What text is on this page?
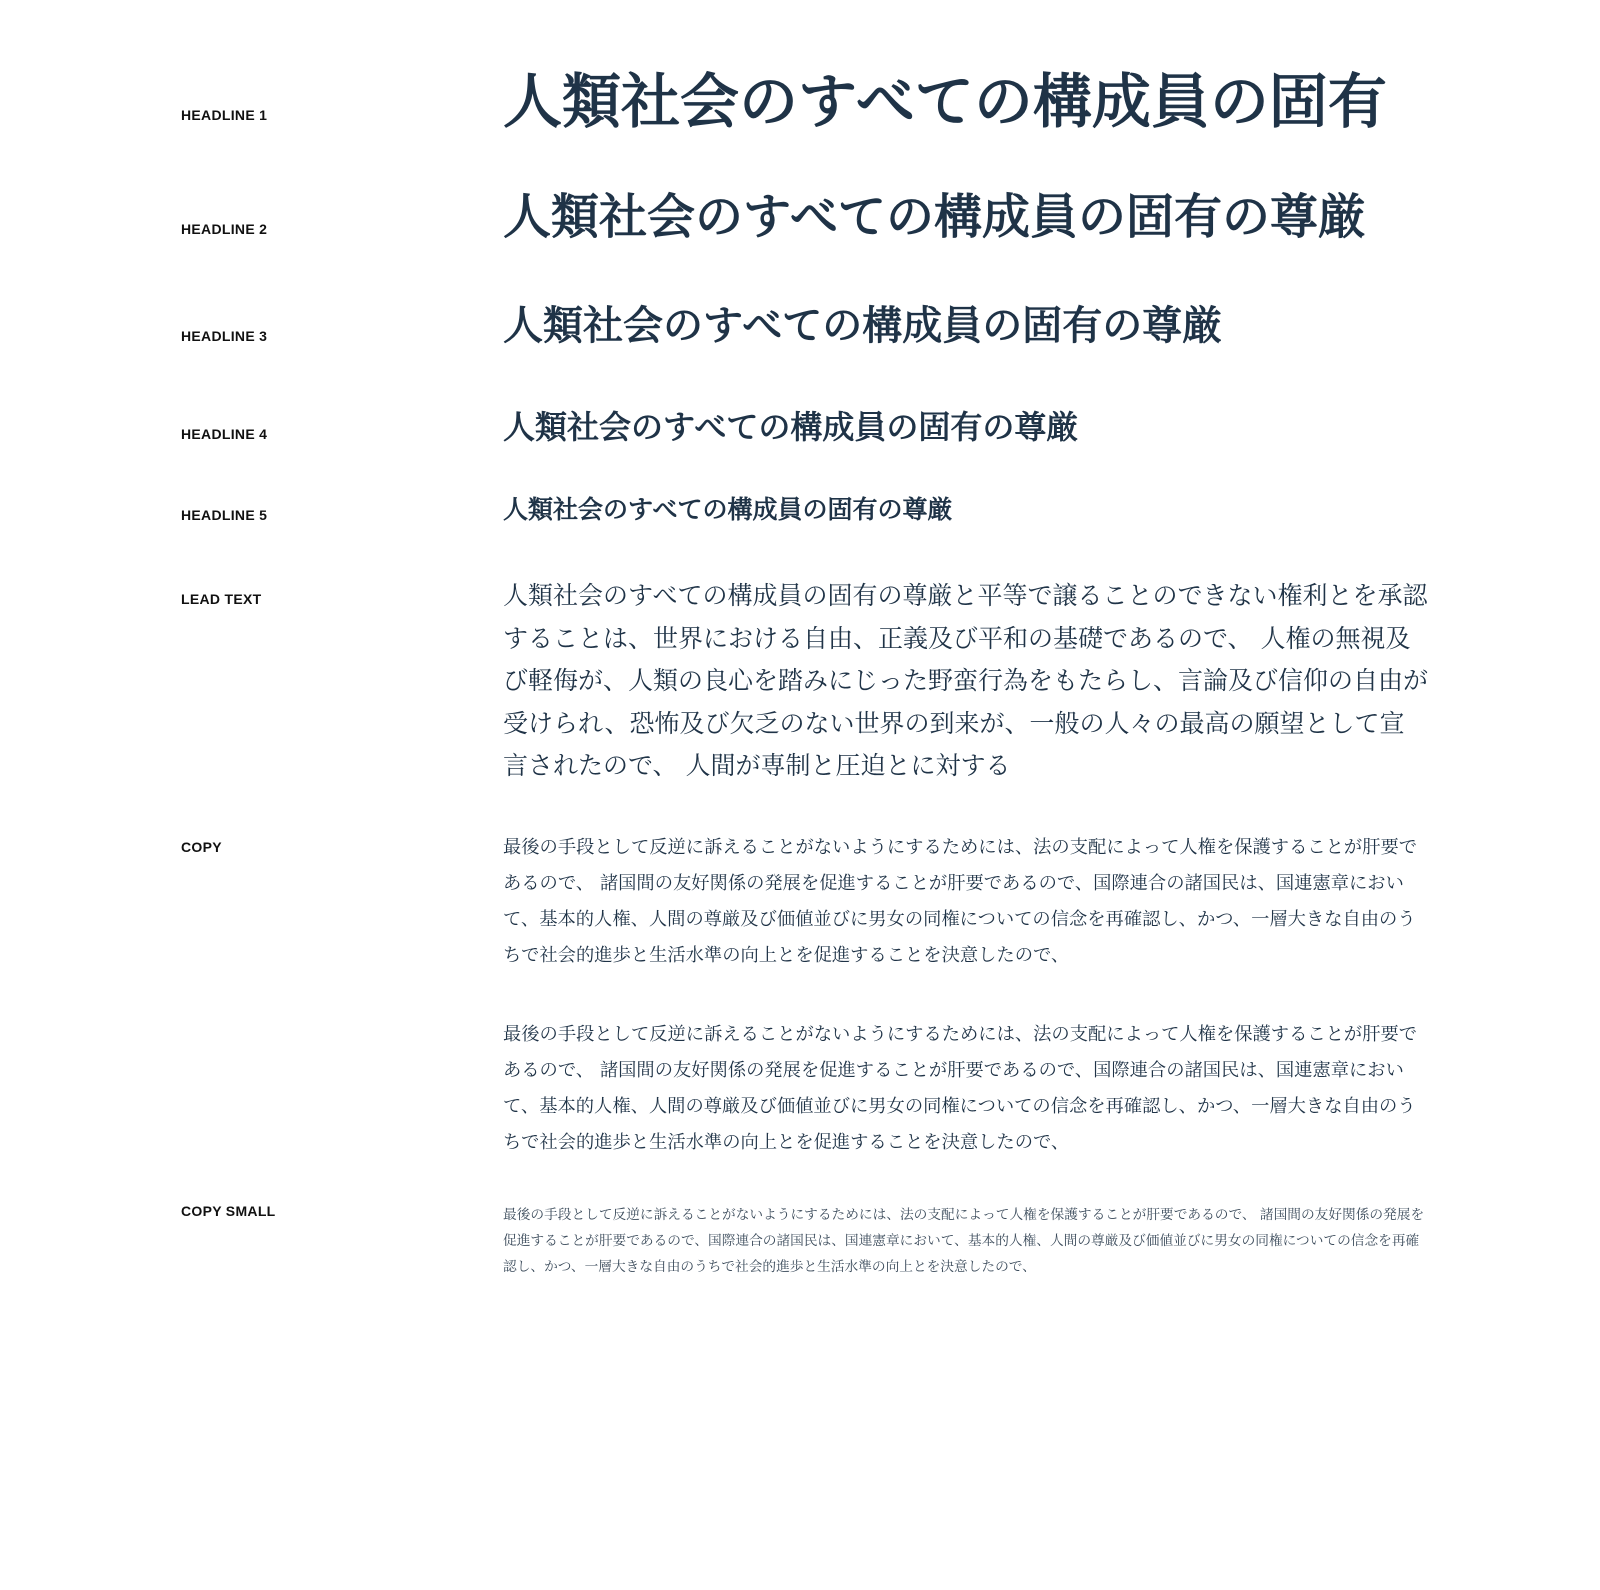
HEADLINE 1	人類社会のすべての構成員の固有
HEADLINE 2	人類社会のすべての構成員の固有の尊厳
HEADLINE 3	人類社会のすべての構成員の固有の尊厳
HEADLINE 4	人類社会のすべての構成員の固有の尊厳
HEADLINE 5	人類社会のすべての構成員の固有の尊厳
LEAD TEXT	人類社会のすべての構成員の固有の尊厳と平等で譲ることのできない権利とを承認することは、世界における自由、正義及び平和の基礎であるので、 人権の無視及び軽侮が、人類の良心を踏みにじった野蛮行為をもたらし、言論及び信仰の自由が受けられ、恐怖及び欠乏のない世界の到来が、一般の人々の最高の願望として宣言されたので、 人間が専制と圧迫とに対する

COPY	最後の手段として反逆に訴えることがないようにするためには、法の支配によって人権を保護することが肝要であるので、 諸国間の友好関係の発展を促進することが肝要であるので、国際連合の諸国民は、国連憲章において、基本的人権、人間の尊厳及び価値並びに男女の同権についての信念を再確認し、かつ、一層大きな自由のうちで社会的進歩と生活水準の向上とを促進することを決意したので、

最後の手段として反逆に訴えることがないようにするためには、法の支配によって人権を保護することが肝要であるので、 諸国間の友好関係の発展を促進することが肝要であるので、国際連合の諸国民は、国連憲章において、基本的人権、人間の尊厳及び価値並びに男女の同権についての信念を再確認し、かつ、一層大きな自由のうちで社会的進歩と生活水準の向上とを促進することを決意したので、

COPY SMALL	最後の手段として反逆に訴えることがないようにするためには、法の支配によって人権を保護することが肝要であるので、 諸国間の友好関係の発展を促進することが肝要であるので、国際連合の諸国民は、国連憲章において、基本的人権、人間の尊厳及び価値並びに男女の同権についての信念を再確認し、かつ、一層大きな自由のうちで社会的進歩と生活水準の向上とを決意したので、
